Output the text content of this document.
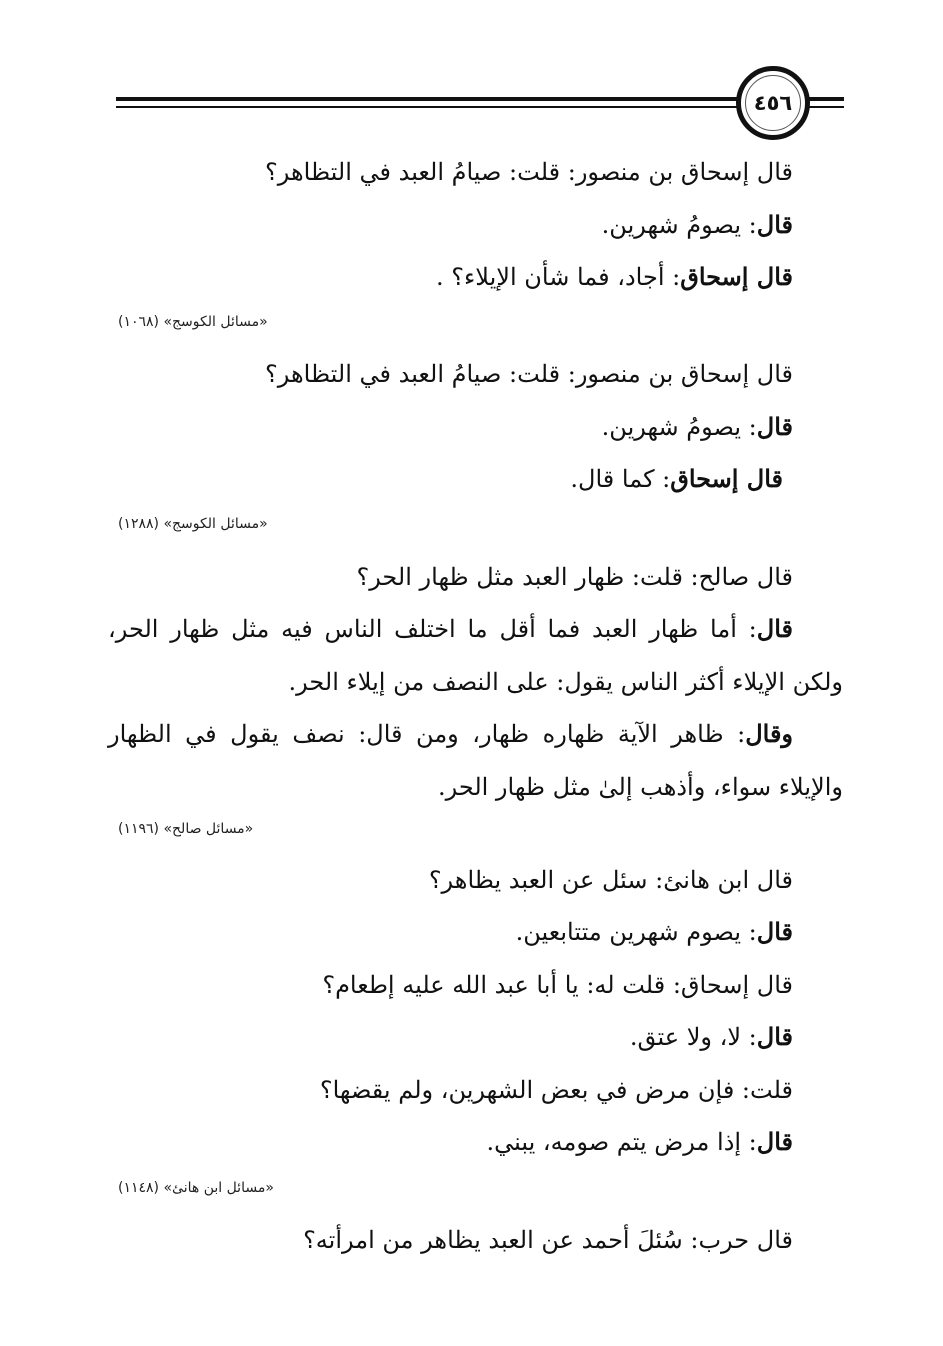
٤٥٦
قال إسحاق بن منصور: قلت: صيامُ العبد في التظاهر؟
قال: يصومُ شهرين.
قال إسحاق: أجاد، فما شأن الإيلاء؟ .
«مسائل الكوسج» (١٠٦٨)
قال إسحاق بن منصور: قلت: صيامُ العبد في التظاهر؟
قال: يصومُ شهرين.
قال إسحاق: كما قال.
«مسائل الكوسج» (١٢٨٨)
قال صالح: قلت: ظهار العبد مثل ظهار الحر؟
قال: أما ظهار العبد فما أقل ما اختلف الناس فيه مثل ظهار الحر،
ولكن الإيلاء أكثر الناس يقول: على النصف من إيلاء الحر.
وقال: ظاهر الآية ظهاره ظهار، ومن قال: نصف يقول في الظهار
والإيلاء سواء، وأذهب إلىٰ مثل ظهار الحر.
«مسائل صالح» (١١٩٦)
قال ابن هانئ: سئل عن العبد يظاهر؟
قال: يصوم شهرين متتابعين.
قال إسحاق: قلت له: يا أبا عبد الله عليه إطعام؟
قال: لا، ولا عتق.
قلت: فإن مرض في بعض الشهرين، ولم يقضها؟
قال: إذا مرض يتم صومه، يبني.
«مسائل ابن هانئ» (١١٤٨)
قال حرب: سُئلَ أحمد عن العبد يظاهر من امرأته؟
